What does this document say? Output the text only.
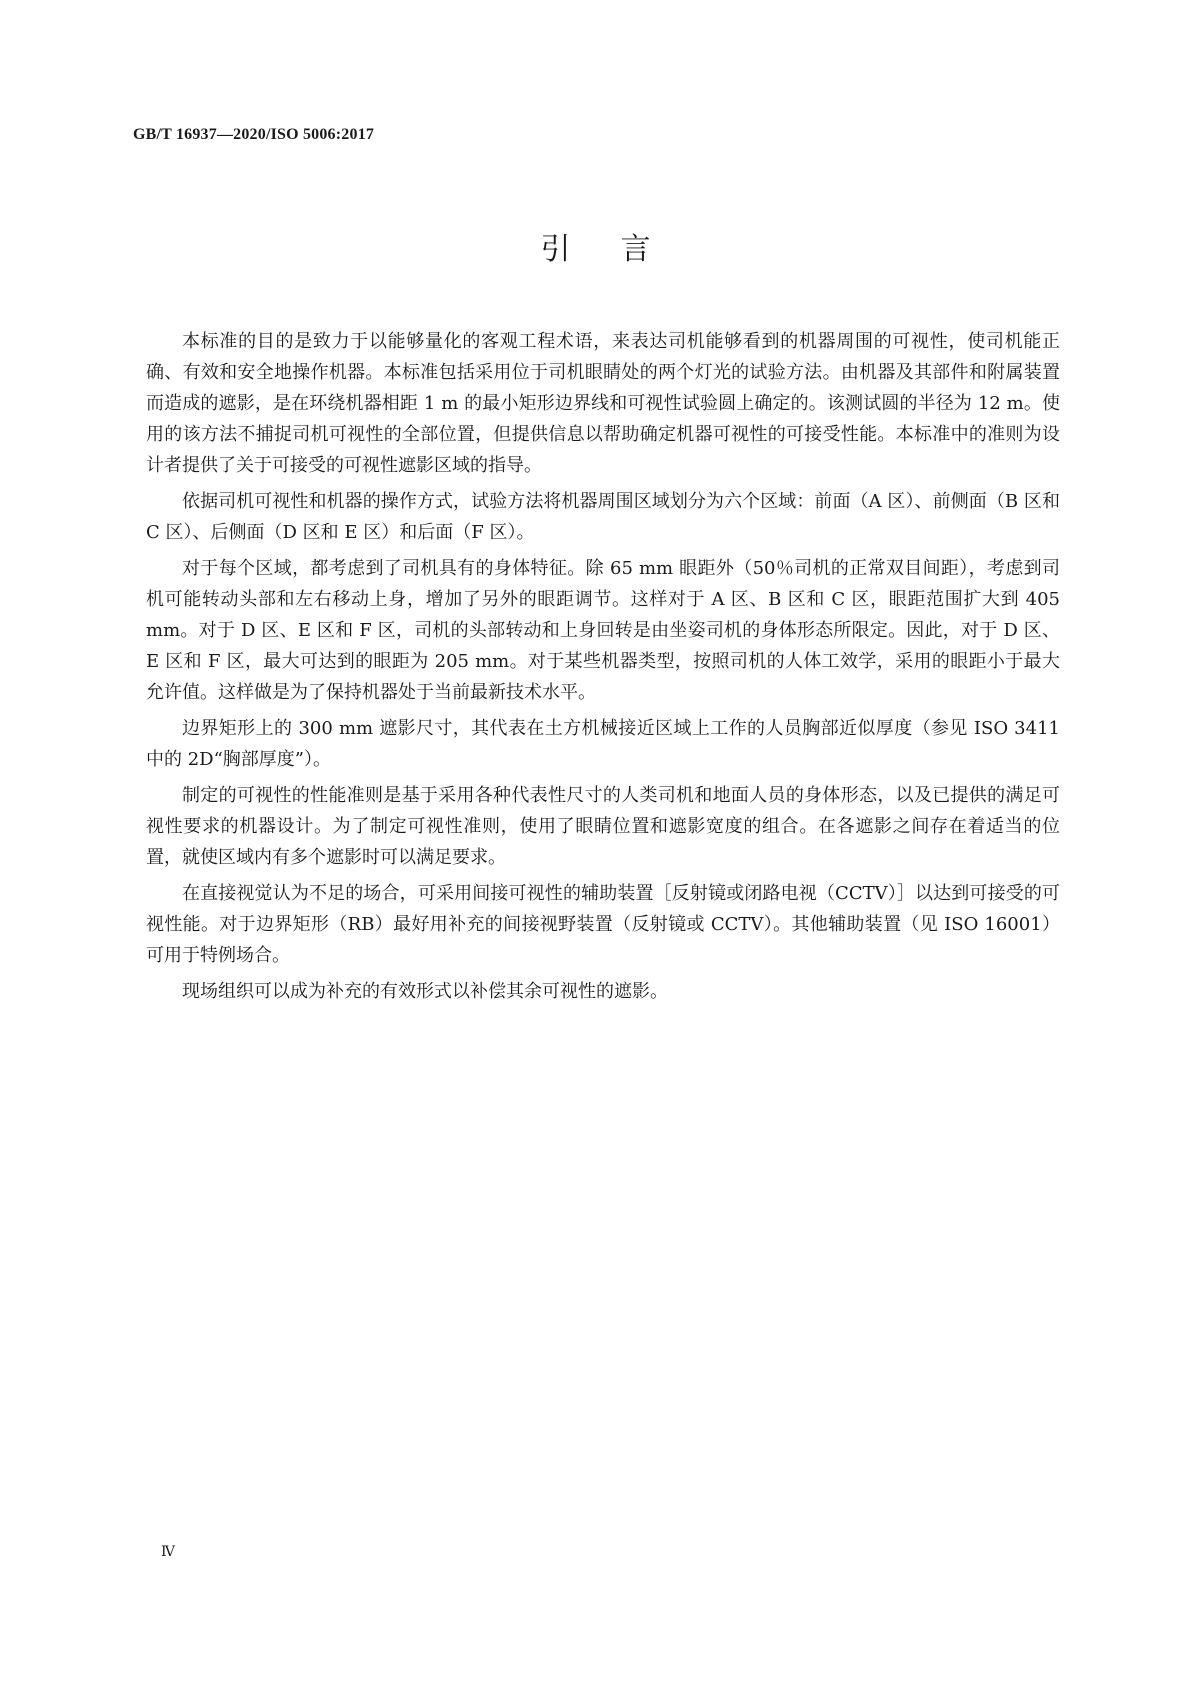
GB/T 16937—2020/ISO 5006:2017
引言

本标准的目的是致力于以能够量化的客观工程术语，来表达司机能够看到的机器周围的可视性，使司机能正确、有效和安全地操作机器。本标准包括采用位于司机眼睛处的两个灯光的试验方法。由机器及其部件和附属装置而造成的遮影，是在环绕机器相距 1 m 的最小矩形边界线和可视性试验圆上确定的。该测试圆的半径为 12 m。使用的该方法不捕捉司机可视性的全部位置，但提供信息以帮助确定机器可视性的可接受性能。本标准中的准则为设计者提供了关于可接受的可视性遮影区域的指导。

依据司机可视性和机器的操作方式，试验方法将机器周围区域划分为六个区域：前面（A 区）、前侧面（B 区和 C 区）、后侧面（D 区和 E 区）和后面（F 区）。

对于每个区域，都考虑到了司机具有的身体特征。除 65 mm 眼距外（50％司机的正常双目间距），考虑到司机可能转动头部和左右移动上身，增加了另外的眼距调节。这样对于 A 区、B 区和 C 区，眼距范围扩大到 405 mm。对于 D 区、E 区和 F 区，司机的头部转动和上身回转是由坐姿司机的身体形态所限定。因此，对于 D 区、E 区和 F 区，最大可达到的眼距为 205 mm。对于某些机器类型，按照司机的人体工效学，采用的眼距小于最大允许值。这样做是为了保持机器处于当前最新技术水平。

边界矩形上的 300 mm 遮影尺寸，其代表在土方机械接近区域上工作的人员胸部近似厚度（参见 ISO 3411 中的 2D“胸部厚度”）。

制定的可视性的性能准则是基于采用各种代表性尺寸的人类司机和地面人员的身体形态，以及已提供的满足可视性要求的机器设计。为了制定可视性准则，使用了眼睛位置和遮影宽度的组合。在各遮影之间存在着适当的位置，就使区域内有多个遮影时可以满足要求。

在直接视觉认为不足的场合，可采用间接可视性的辅助装置［反射镜或闭路电视（CCTV）］以达到可接受的可视性能。对于边界矩形（RB）最好用补充的间接视野装置（反射镜或 CCTV）。其他辅助装置（见 ISO 16001）可用于特例场合。

现场组织可以成为补充的有效形式以补偿其余可视性的遮影。

Ⅳ
